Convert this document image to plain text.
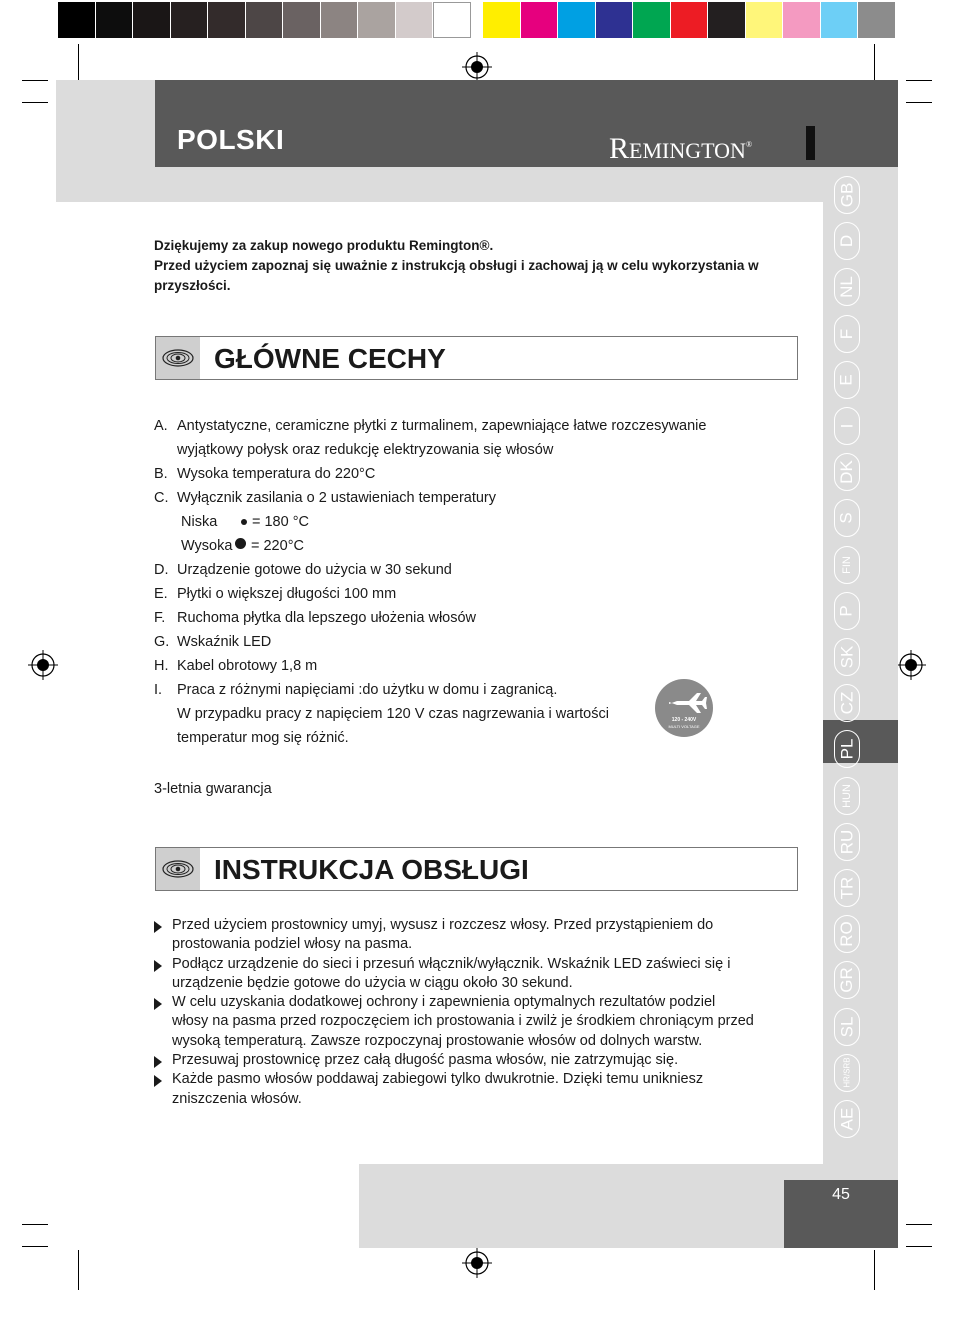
POLSKI	REMINGTON®
GB
D
NL
F
E
I
DK
S
FIN
P
SK
CZ
PL
HUN
RU
TR
RO
GR
SL
HR/SRB
AE
Dziękujemy za zakup nowego produktu Remington®.
Przed użyciem zapoznaj się uważnie z instrukcją obsługi i zachowaj ją w celu wykorzystania w przyszłości.
GŁÓWNE CECHY
A. Antystatyczne, ceramiczne płytki z turmalinem, zapewniające łatwe rozczesywanie
wyjątkowy połysk oraz redukcję elektryzowania się włosów
B. Wysoka temperatura do 220°C
C. Wyłącznik zasilania o 2 ustawieniach temperatury
Niska = 180 °C
Wysoka = 220°C
D. Urządzenie gotowe do użycia w 30 sekund
E. Płytki o większej długości 100 mm
F. Ruchoma płytka dla lepszego ułożenia włosów
G. Wskaźnik LED
H. Kabel obrotowy 1,8 m
I. Praca z różnymi napięciami :do użytku w domu i zagranicą.
W przypadku pracy z napięciem 120 V czas nagrzewania i wartości
temperatur mog się różnić.
120 - 240V
MULTI VOLTAGE
3-letnia gwarancja
INSTRUKCJA OBSŁUGI
Przed użyciem prostownicy umyj, wysusz i rozczesz włosy. Przed przystąpieniem do prostowania podziel włosy na pasma.
Podłącz urządzenie do sieci i przesuń włącznik/wyłącznik. Wskaźnik LED zaświeci się i urządzenie będzie gotowe do użycia w ciągu około 30 sekund.
W celu uzyskania dodatkowej ochrony i zapewnienia optymalnych rezultatów podziel włosy na pasma przed rozpoczęciem ich prostowania i zwilż je środkiem chroniącym przed wysoką temperaturą. Zawsze rozpoczynaj prostowanie włosów od dolnych warstw.
Przesuwaj prostownicę przez całą długość pasma włosów, nie zatrzymując się.
Każde pasmo włosów poddawaj zabiegowi tylko dwukrotnie. Dzięki temu unikniesz zniszczenia włosów.
45
